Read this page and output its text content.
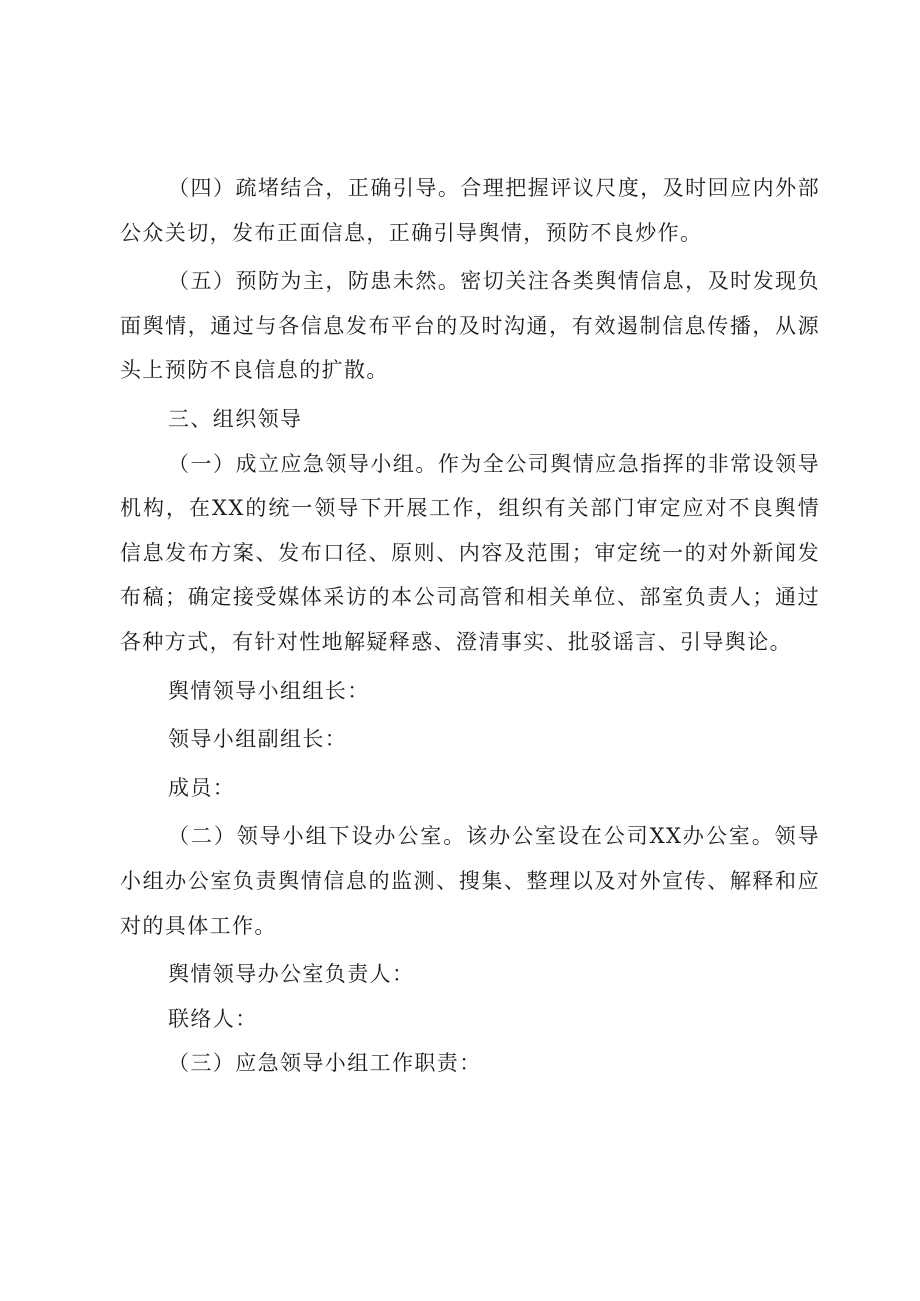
（四）疏堵结合，正确引导。合理把握评议尺度，及时回应内外部公众关切，发布正面信息，正确引导舆情，预防不良炒作。

（五）预防为主，防患未然。密切关注各类舆情信息，及时发现负面舆情，通过与各信息发布平台的及时沟通，有效遏制信息传播，从源头上预防不良信息的扩散。

三、组织领导

（一）成立应急领导小组。作为全公司舆情应急指挥的非常设领导机构，在XX的统一领导下开展工作，组织有关部门审定应对不良舆情信息发布方案、发布口径、原则、内容及范围；审定统一的对外新闻发布稿；确定接受媒体采访的本公司高管和相关单位、部室负责人；通过各种方式，有针对性地解疑释惑、澄清事实、批驳谣言、引导舆论。

舆情领导小组组长：

领导小组副组长：

成员：

（二）领导小组下设办公室。该办公室设在公司XX办公室。领导小组办公室负责舆情信息的监测、搜集、整理以及对外宣传、解释和应对的具体工作。

舆情领导办公室负责人：

联络人：

（三）应急领导小组工作职责：
